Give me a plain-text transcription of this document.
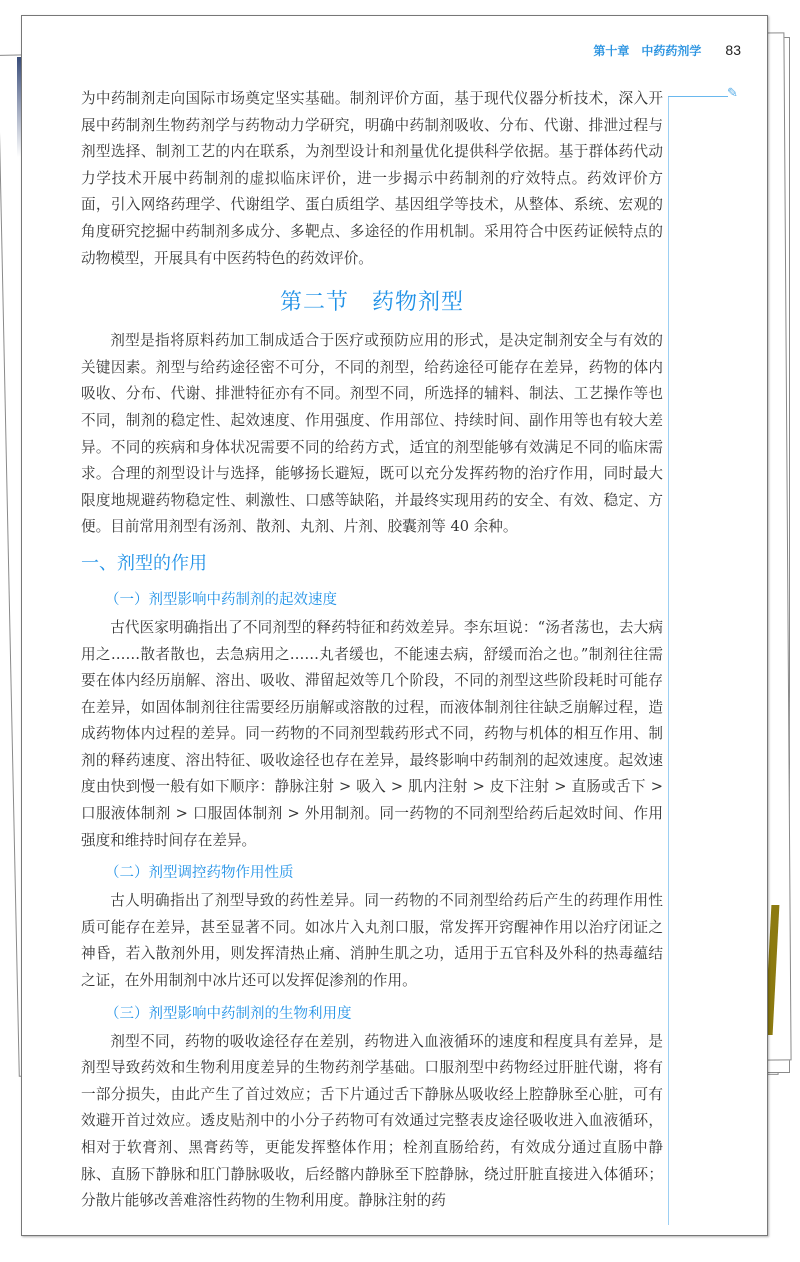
第十章　中药药剂学 83
✎

为中药制剂走向国际市场奠定坚实基础。制剂评价方面，基于现代仪器分析技术，深入开展中药制剂生物药剂学与药物动力学研究，明确中药制剂吸收、分布、代谢、排泄过程与剂型选择、制剂工艺的内在联系，为剂型设计和剂量优化提供科学依据。基于群体药代动力学技术开展中药制剂的虚拟临床评价，进一步揭示中药制剂的疗效特点。药效评价方面，引入网络药理学、代谢组学、蛋白质组学、基因组学等技术，从整体、系统、宏观的角度研究挖掘中药制剂多成分、多靶点、多途径的作用机制。采用符合中医药证候特点的动物模型，开展具有中医药特色的药效评价。

第二节　药物剂型

剂型是指将原料药加工制成适合于医疗或预防应用的形式，是决定制剂安全与有效的关键因素。剂型与给药途径密不可分，不同的剂型，给药途径可能存在差异，药物的体内吸收、分布、代谢、排泄特征亦有不同。剂型不同，所选择的辅料、制法、工艺操作等也不同，制剂的稳定性、起效速度、作用强度、作用部位、持续时间、副作用等也有较大差异。不同的疾病和身体状况需要不同的给药方式，适宜的剂型能够有效满足不同的临床需求。合理的剂型设计与选择，能够扬长避短，既可以充分发挥药物的治疗作用，同时最大限度地规避药物稳定性、刺激性、口感等缺陷，并最终实现用药的安全、有效、稳定、方便。目前常用剂型有汤剂、散剂、丸剂、片剂、胶囊剂等 40 余种。

一、剂型的作用
（一）剂型影响中药制剂的起效速度

古代医家明确指出了不同剂型的释药特征和药效差异。李东垣说：“汤者荡也，去大病用之……散者散也，去急病用之……丸者缓也，不能速去病，舒缓而治之也。”制剂往往需要在体内经历崩解、溶出、吸收、滞留起效等几个阶段，不同的剂型这些阶段耗时可能存在差异，如固体制剂往往需要经历崩解或溶散的过程，而液体制剂往往缺乏崩解过程，造成药物体内过程的差异。同一药物的不同剂型载药形式不同，药物与机体的相互作用、制剂的释药速度、溶出特征、吸收途径也存在差异，最终影响中药制剂的起效速度。起效速度由快到慢一般有如下顺序：静脉注射 > 吸入 > 肌内注射 > 皮下注射 > 直肠或舌下 > 口服液体制剂 > 口服固体制剂 > 外用制剂。同一药物的不同剂型给药后起效时间、作用强度和维持时间存在差异。

（二）剂型调控药物作用性质

古人明确指出了剂型导致的药性差异。同一药物的不同剂型给药后产生的药理作用性质可能存在差异，甚至显著不同。如冰片入丸剂口服，常发挥开窍醒神作用以治疗闭证之神昏，若入散剂外用，则发挥清热止痛、消肿生肌之功，适用于五官科及外科的热毒蕴结之证，在外用制剂中冰片还可以发挥促渗剂的作用。

（三）剂型影响中药制剂的生物利用度

剂型不同，药物的吸收途径存在差别，药物进入血液循环的速度和程度具有差异，是剂型导致药效和生物利用度差异的生物药剂学基础。口服剂型中药物经过肝脏代谢，将有一部分损失，由此产生了首过效应；舌下片通过舌下静脉丛吸收经上腔静脉至心脏，可有效避开首过效应。透皮贴剂中的小分子药物可有效通过完整表皮途径吸收进入血液循环，相对于软膏剂、黑膏药等，更能发挥整体作用；栓剂直肠给药，有效成分通过直肠中静脉、直肠下静脉和肛门静脉吸收，后经髂内静脉至下腔静脉，绕过肝脏直接进入体循环；分散片能够改善难溶性药物的生物利用度。静脉注射的药
